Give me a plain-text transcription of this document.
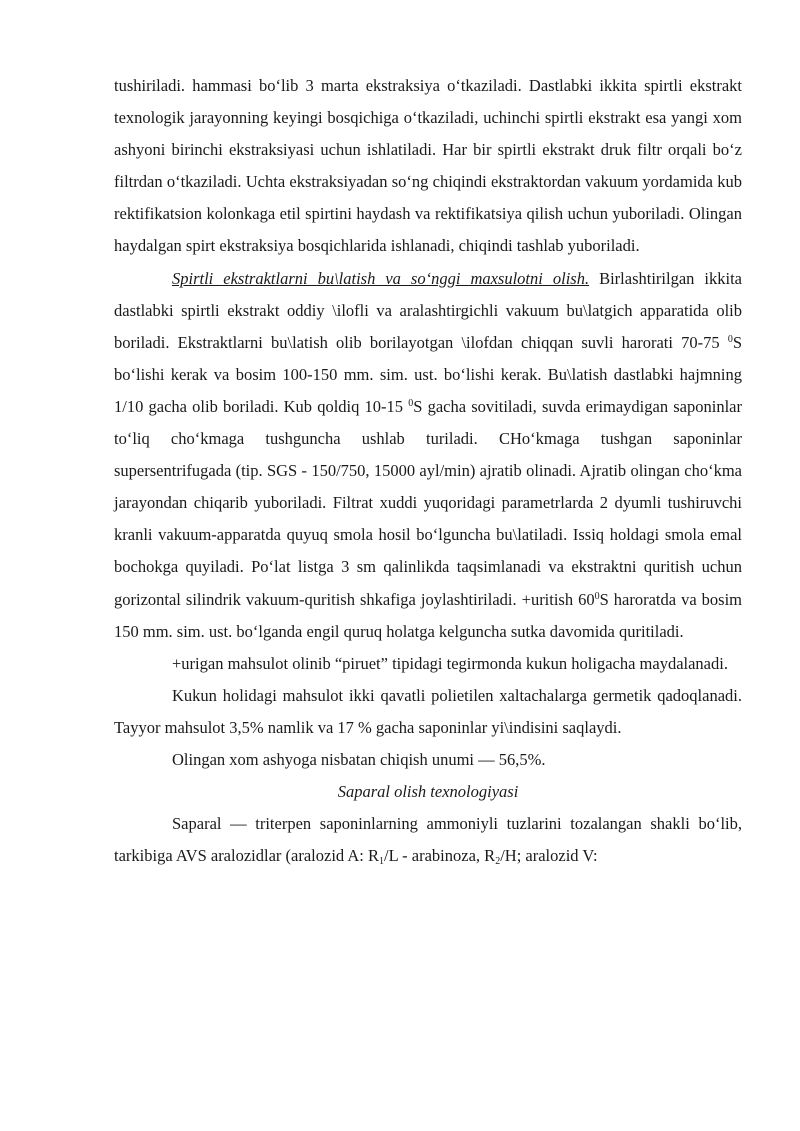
tushiriladi. hammasi bo‘lib 3 marta ekstraksiya o‘tkaziladi. Dastlabki ikkita spirtli ekstrakt texnologik jarayonning keyingi bosqichiga o‘tkaziladi, uchinchi spirtli ekstrakt esa yangi xom ashyoni birinchi ekstraksiyasi uchun ishlatiladi. Har bir spirtli ekstrakt druk filtr orqali bo‘z filtrdan o‘tkaziladi. Uchta ekstraksiyadan so‘ng chiqindi ekstraktordan vakuum yordamida kub rektifikatsion kolonkaga etil spirtini haydash va rektifikatsiya qilish uchun yuboriladi. Olingan haydalgan spirt ekstraksiya bosqichlarida ishlanadi, chiqindi tashlab yuboriladi.

Spirtli ekstraktlarni bu\latish va so‘nggi maxsulotni olish. Birlashtirilgan ikkita dastlabki spirtli ekstrakt oddiy \ilofli va aralashtirgichli vakuum bu\latgich apparatida olib boriladi. Ekstraktlarni bu\latish olib borilayotgan \ilofdan chiqqan suvli harorati 70-75 $^0$S bo‘lishi kerak va bosim 100-150 mm. sim. ust. bo‘lishi kerak. Bu\latish dastlabki hajmning 1/10 gacha olib boriladi. Kub qoldiq 10-15 $^0$S gacha sovitiladi, suvda erimaydigan saponinlar to‘liq cho‘kmaga tushguncha ushlab turiladi. CHo‘kmaga tushgan saponinlar supersentrifugada (tip. SGS - 150/750, 15000 ayl/min) ajratib olinadi. Ajratib olingan cho‘kma jarayondan chiqarib yuboriladi. Filtrat xuddi yuqoridagi parametrlarda 2 dyumli tushiruvchi kranli vakuum-apparatda quyuq smola hosil bo‘lguncha bu\latiladi. Issiq holdagi smola emal bochokga quyiladi. Po‘lat listga 3 sm qalinlikda taqsimlanadi va ekstraktni quritish uchun gorizontal silindrik vakuum-quritish shkafiga joylashtiriladi. +uritish $60^0S$ haroratda va bosim 150 mm. sim. ust. bo‘lganda engil quruq holatga kelguncha sutka davomida quritiladi.

+urigan mahsulot olinib “piruet” tipidagi tegirmonda kukun holigacha maydalanadi.

Kukun holidagi mahsulot ikki qavatli polietilen xaltachalarga germetik qadoqlanadi. Tayyor mahsulot 3,5% namlik va 17 % gacha saponinlar yi\indisini saqlaydi.

Olingan xom ashyoga nisbatan chiqish unumi — 56,5%.

Saparal olish texnologiyasi

Saparal — triterpen saponinlarning ammoniyli tuzlarini tozalangan shakli bo‘lib, tarkibiga AVS aralozidlar (aralozid A: $R_1/L$ - arabinoza, $R_2/H$; aralozid V:
